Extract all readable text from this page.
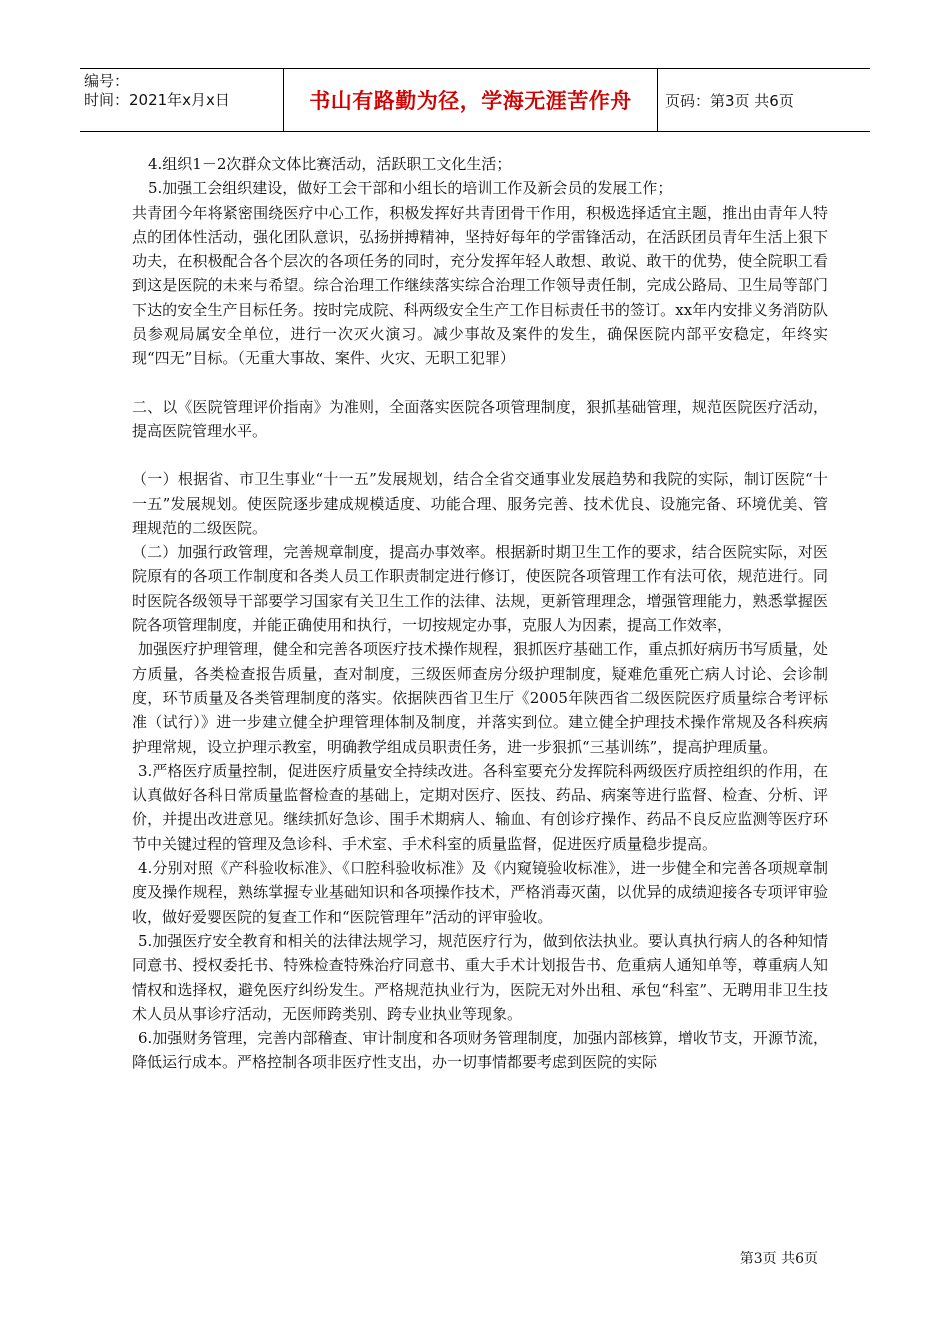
编号：
时间：2021年x月x日	书山有路勤为径，学海无涯苦作舟	页码：第3页 共6页

4.组织1－2次群众文体比赛活动，活跃职工文化生活；

5.加强工会组织建设，做好工会干部和小组长的培训工作及新会员的发展工作；

共青团今年将紧密围绕医疗中心工作，积极发挥好共青团骨干作用，积极选择适宜主题，推出由青年人特点的团体性活动，强化团队意识，弘扬拼搏精神，坚持好每年的学雷锋活动，在活跃团员青年生活上狠下功夫，在积极配合各个层次的各项任务的同时，充分发挥年轻人敢想、敢说、敢干的优势，使全院职工看到这是医院的未来与希望。综合治理工作继续落实综合治理工作领导责任制，完成公路局、卫生局等部门下达的安全生产目标任务。按时完成院、科两级安全生产工作目标责任书的签订。xx年内安排义务消防队员参观局属安全单位，进行一次灭火演习。减少事故及案件的发生，确保医院内部平安稳定，年终实现“四无”目标。（无重大事故、案件、火灾、无职工犯罪）

二、以《医院管理评价指南》为准则，全面落实医院各项管理制度，狠抓基础管理，规范医院医疗活动，提高医院管理水平。

（一）根据省、市卫生事业“十一五”发展规划，结合全省交通事业发展趋势和我院的实际，制订医院“十一五”发展规划。使医院逐步建成规模适度、功能合理、服务完善、技术优良、设施完备、环境优美、管理规范的二级医院。

（二）加强行政管理，完善规章制度，提高办事效率。根据新时期卫生工作的要求，结合医院实际，对医院原有的各项工作制度和各类人员工作职责制定进行修订，使医院各项管理工作有法可依，规范进行。同时医院各级领导干部要学习国家有关卫生工作的法律、法规，更新管理理念，增强管理能力，熟悉掌握医院各项管理制度，并能正确使用和执行，一切按规定办事，克服人为因素，提高工作效率，

加强医疗护理管理，健全和完善各项医疗技术操作规程，狠抓医疗基础工作，重点抓好病历书写质量，处方质量，各类检查报告质量，查对制度，三级医师查房分级护理制度，疑难危重死亡病人讨论、会诊制度，环节质量及各类管理制度的落实。依据陕西省卫生厅《2005年陕西省二级医院医疗质量综合考评标准（试行）》进一步建立健全护理管理体制及制度，并落实到位。建立健全护理技术操作常规及各科疾病护理常规，设立护理示教室，明确教学组成员职责任务，进一步狠抓“三基训练”，提高护理质量。

3.严格医疗质量控制，促进医疗质量安全持续改进。各科室要充分发挥院科两级医疗质控组织的作用，在认真做好各科日常质量监督检查的基础上，定期对医疗、医技、药品、病案等进行监督、检查、分析、评价，并提出改进意见。继续抓好急诊、围手术期病人、输血、有创诊疗操作、药品不良反应监测等医疗环节中关键过程的管理及急诊科、手术室、手术科室的质量监督，促进医疗质量稳步提高。

4.分别对照《产科验收标准》、《口腔科验收标准》及《内窥镜验收标准》，进一步健全和完善各项规章制度及操作规程，熟练掌握专业基础知识和各项操作技术，严格消毒灭菌，以优异的成绩迎接各专项评审验收，做好爱婴医院的复查工作和“医院管理年”活动的评审验收。

5.加强医疗安全教育和相关的法律法规学习，规范医疗行为，做到依法执业。要认真执行病人的各种知情同意书、授权委托书、特殊检查特殊治疗同意书、重大手术计划报告书、危重病人通知单等，尊重病人知情权和选择权，避免医疗纠纷发生。严格规范执业行为，医院无对外出租、承包“科室”、无聘用非卫生技术人员从事诊疗活动，无医师跨类别、跨专业执业等现象。

6.加强财务管理，完善内部稽查、审计制度和各项财务管理制度，加强内部核算，增收节支，开源节流，降低运行成本。严格控制各项非医疗性支出，办一切事情都要考虑到医院的实际

第3页 共6页
